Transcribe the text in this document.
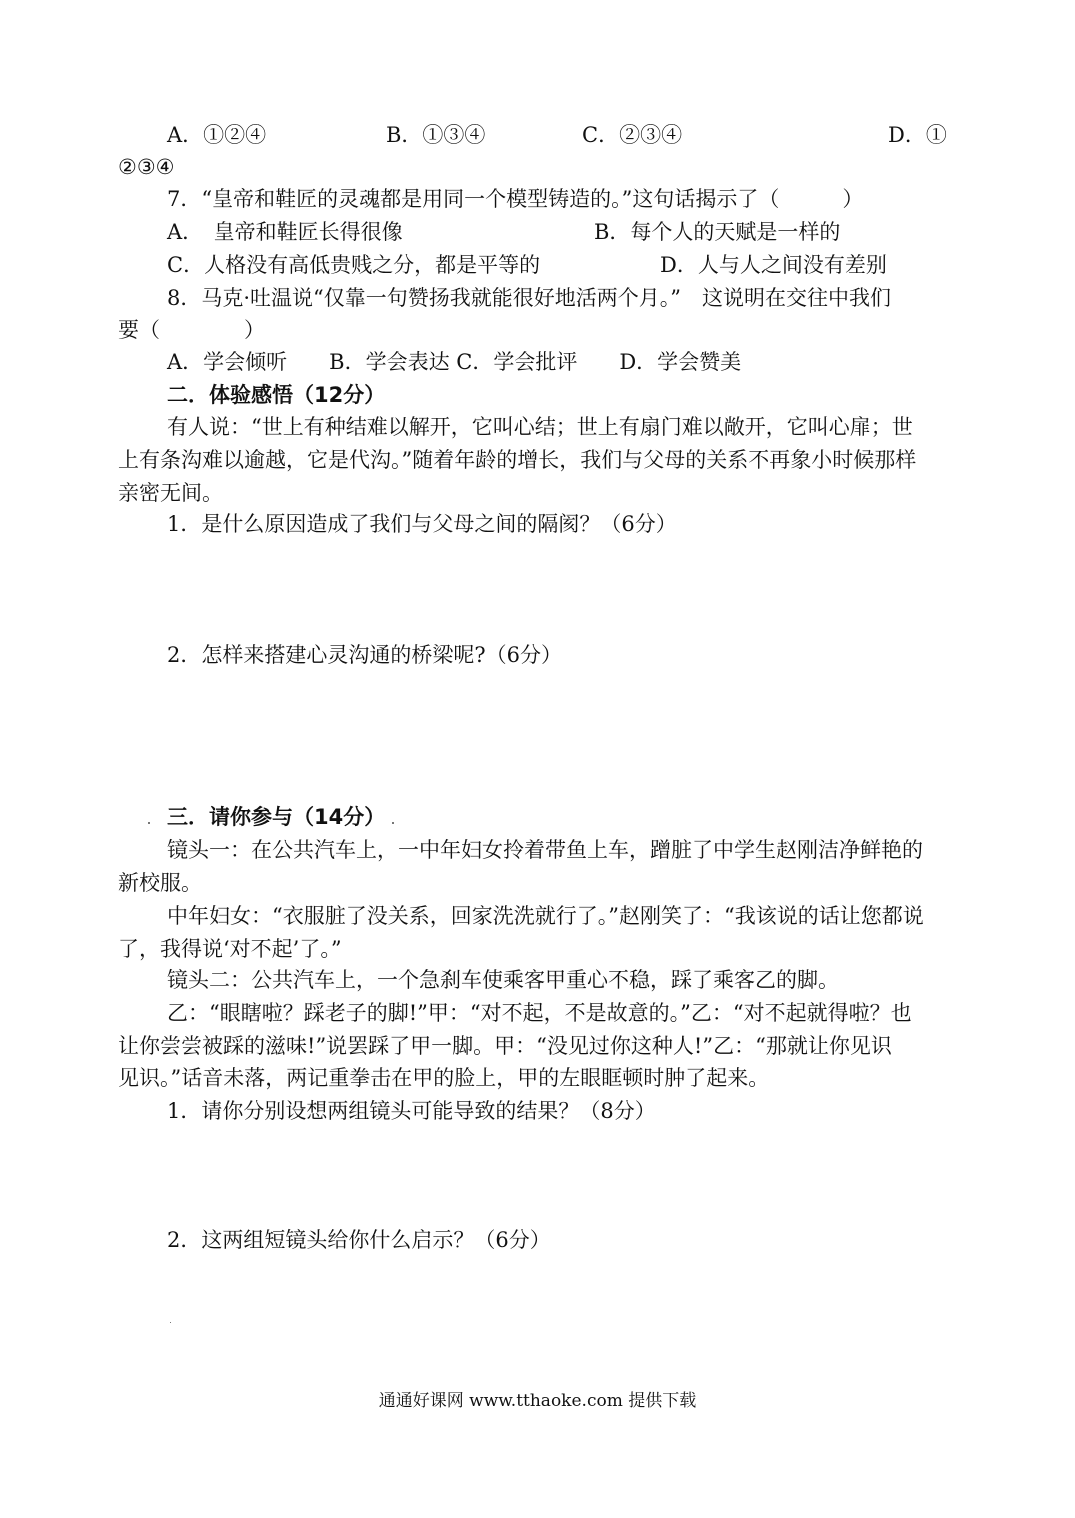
A．①②④	B．①③④	C．②③④	D．①
②③④
7．“皇帝和鞋匠的灵魂都是用同一个模型铸造的。”这句话揭示了（　　　）
A．　皇帝和鞋匠长得很像	B．每个人的天赋是一样的
C．人格没有高低贵贱之分，都是平等的	D．人与人之间没有差别
8．马克·吐温说“仅靠一句赞扬我就能很好地活两个月。”　这说明在交往中我们
要（　　　　）
A．学会倾听　　B．学会表达 C．学会批评　　D．学会赞美
二．体验感悟（12分）
有人说：“世上有种结难以解开，它叫心结；世上有扇门难以敞开，它叫心扉；世
上有条沟难以逾越，它是代沟。”随着年龄的增长，我们与父母的关系不再象小时候那样
亲密无间。
1．是什么原因造成了我们与父母之间的隔阂？（6分）
2．怎样来搭建心灵沟通的桥梁呢?（6分）
三．请你参与（14分）
镜头一：在公共汽车上，一中年妇女拎着带鱼上车，蹭脏了中学生赵刚洁净鲜艳的
新校服。
中年妇女：“衣服脏了没关系，回家洗洗就行了。”赵刚笑了：“我该说的话让您都说
了，我得说‘对不起’了。”
镜头二：公共汽车上，一个急刹车使乘客甲重心不稳，踩了乘客乙的脚。
乙：“眼瞎啦？踩老子的脚!”甲：“对不起，不是故意的。”乙：“对不起就得啦？也
让你尝尝被踩的滋味!”说罢踩了甲一脚。甲：“没见过你这种人!”乙：“那就让你见识
见识。”话音未落，两记重拳击在甲的脸上，甲的左眼眶顿时肿了起来。
1．请你分别设想两组镜头可能导致的结果？（8分）
2．这两组短镜头给你什么启示？（6分）
通通好课网 www.tthaoke.com 提供下载
